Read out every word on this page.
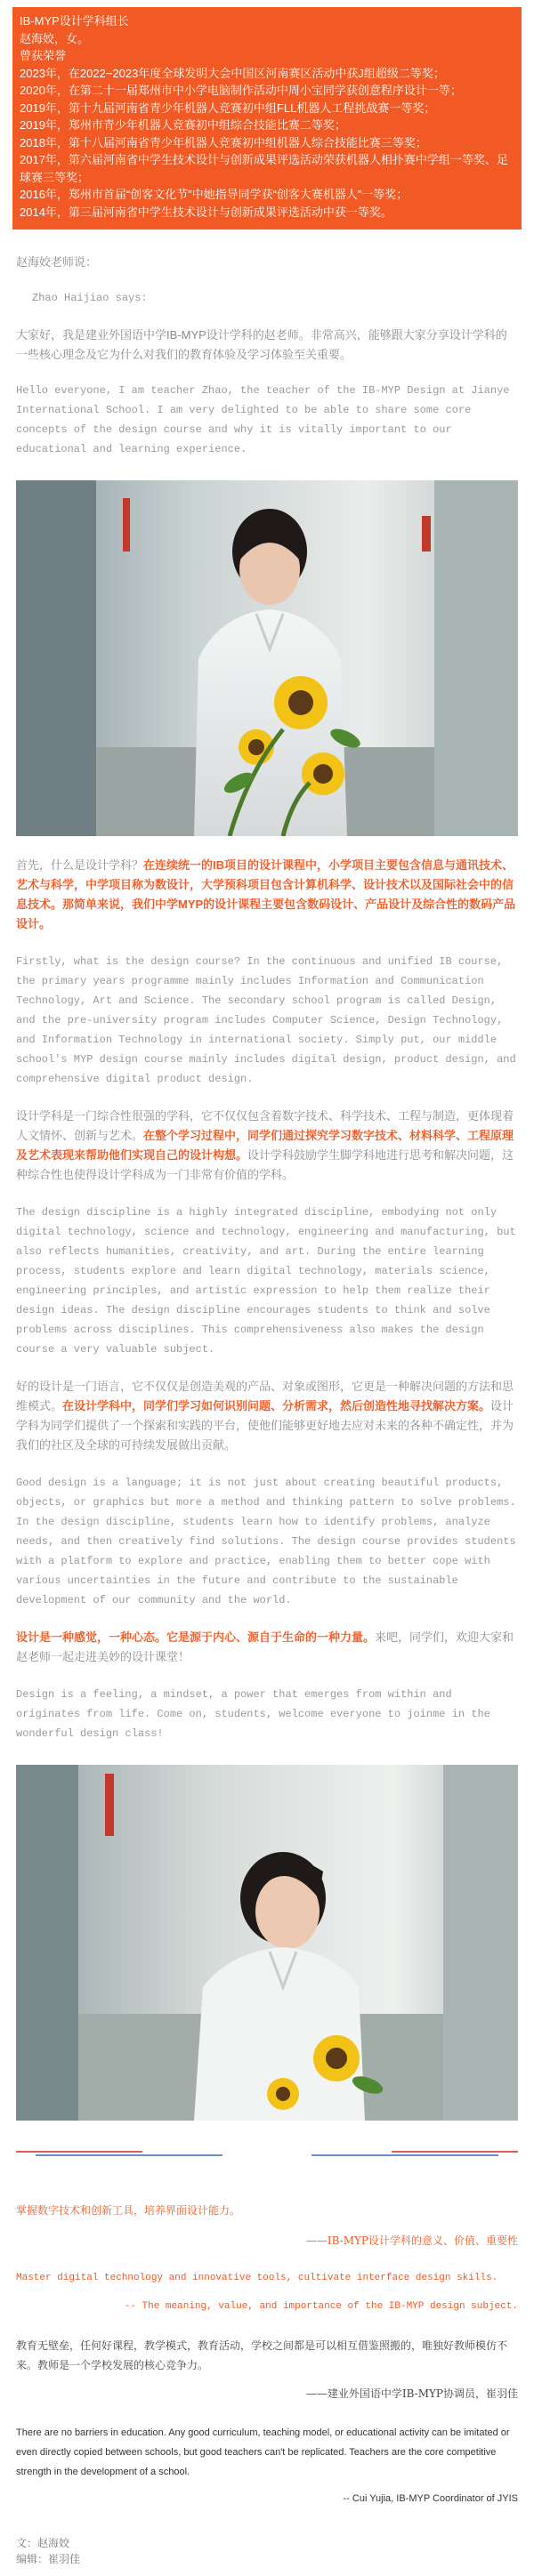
IB-MYP设计学科组长
赵海姣，女。
曾获荣誉
2023年，在2022~2023年度全球发明大会中国区河南赛区活动中获J组超级二等奖；
2020年，在第二十一届郑州市中小学电脑制作活动中周小宝同学获创意程序设计一等；
2019年，第十九届河南省青少年机器人竞赛初中组FLL机器人工程挑战赛一等奖；
2019年，郑州市青少年机器人竞赛初中组综合技能比赛二等奖；
2018年，第十八届河南省青少年机器人竞赛初中组机器人综合技能比赛三等奖；
2017年，第六届河南省中学生技术设计与创新成果评选活动荣获机器人相扑赛中学组一等奖、足球赛三等奖；
2016年，郑州市首届“创客文化节”中她指导同学获“创客大赛机器人”一等奖；
2014年，第三届河南省中学生技术设计与创新成果评选活动中获一等奖。

赵海姣老师说：

Zhao Haijiao says:

大家好，我是建业外国语中学IB-MYP设计学科的赵老师。非常高兴，能够跟大家分享设计学科的一些核心理念及它为什么对我们的教育体验及学习体验至关重要。

Hello everyone, I am teacher Zhao, the teacher of the IB-MYP Design at Jianye International School. I am very delighted to be able to share some core concepts of the design course and why it is vitally important to our educational and learning experience.

首先，什么是设计学科？在连续统一的IB项目的设计课程中，小学项目主要包含信息与通讯技术、艺术与科学，中学项目称为数设计，大学预科项目包含计算机科学、设计技术以及国际社会中的信息技术。那简单来说，我们中学MYP的设计课程主要包含数码设计、产品设计及综合性的数码产品设计。

Firstly, what is the design course? In the continuous and unified IB course, the primary years programme mainly includes Information and Communication Technology, Art and Science. The secondary school program is called Design, and the pre-university program includes Computer Science, Design Technology, and Information Technology in international society. Simply put, our middle school's MYP design course mainly includes digital design, product design, and comprehensive digital product design.

设计学科是一门综合性很强的学科，它不仅仅包含着数字技术、科学技术、工程与制造，更体现着人文情怀、创新与艺术。在整个学习过程中，同学们通过探究学习数字技术、材料科学、工程原理及艺术表现来帮助他们实现自己的设计构想。设计学科鼓励学生脚学科地进行思考和解决问题，这种综合性也使得设计学科成为一门非常有价值的学科。

The design discipline is a highly integrated discipline, embodying not only digital technology, science and technology, engineering and manufacturing, but also reflects humanities, creativity, and art. During the entire learning process, students explore and learn digital technology, materials science, engineering principles, and artistic expression to help them realize their design ideas. The design discipline encourages students to think and solve problems across disciplines. This comprehensiveness also makes the design course a very valuable subject.

好的设计是一门语言，它不仅仅是创造美观的产品、对象或图形，它更是一种解决问题的方法和思维模式。在设计学科中，同学们学习如何识别问题、分析需求，然后创造性地寻找解决方案。设计学科为同学们提供了一个探索和实践的平台，使他们能够更好地去应对未来的各种不确定性，并为我们的社区及全球的可持续发展做出贡献。

Good design is a language; it is not just about creating beautiful products, objects, or graphics but more a method and thinking pattern to solve problems. In the design discipline, students learn how to identify problems, analyze needs, and then creatively find solutions. The design course provides students with a platform to explore and practice, enabling them to better cope with various uncertainties in the future and contribute to the sustainable development of our community and the world.

设计是一种感觉，一种心态。它是源于内心、源自于生命的一种力量。来吧，同学们，欢迎大家和赵老师一起走进美妙的设计课堂！

Design is a feeling, a mindset, a power that emerges from within and originates from life. Come on, students, welcome everyone to joinme in the wonderful design class!

掌握数字技术和创新工具，培养界面设计能力。

——IB-MYP设计学科的意义、价值、重要性

Master digital technology and innovative tools, cultivate interface design skills.

-- The meaning, value, and importance of the IB-MYP design subject.

教育无壁垒，任何好课程，教学模式，教育活动，学校之间都是可以相互借鉴照搬的，唯独好教师模仿不来。教师是一个学校发展的核心竞争力。

——建业外国语中学IB-MYP协调员，崔羽佳

There are no barriers in education. Any good curriculum, teaching model, or educational activity can be imitated or even directly copied between schools, but good teachers can't be replicated. Teachers are the core competitive strength in the development of a school.

-- Cui Yujia, IB-MYP Coordinator of JYIS

文：赵海姣

编辑：崔羽佳
